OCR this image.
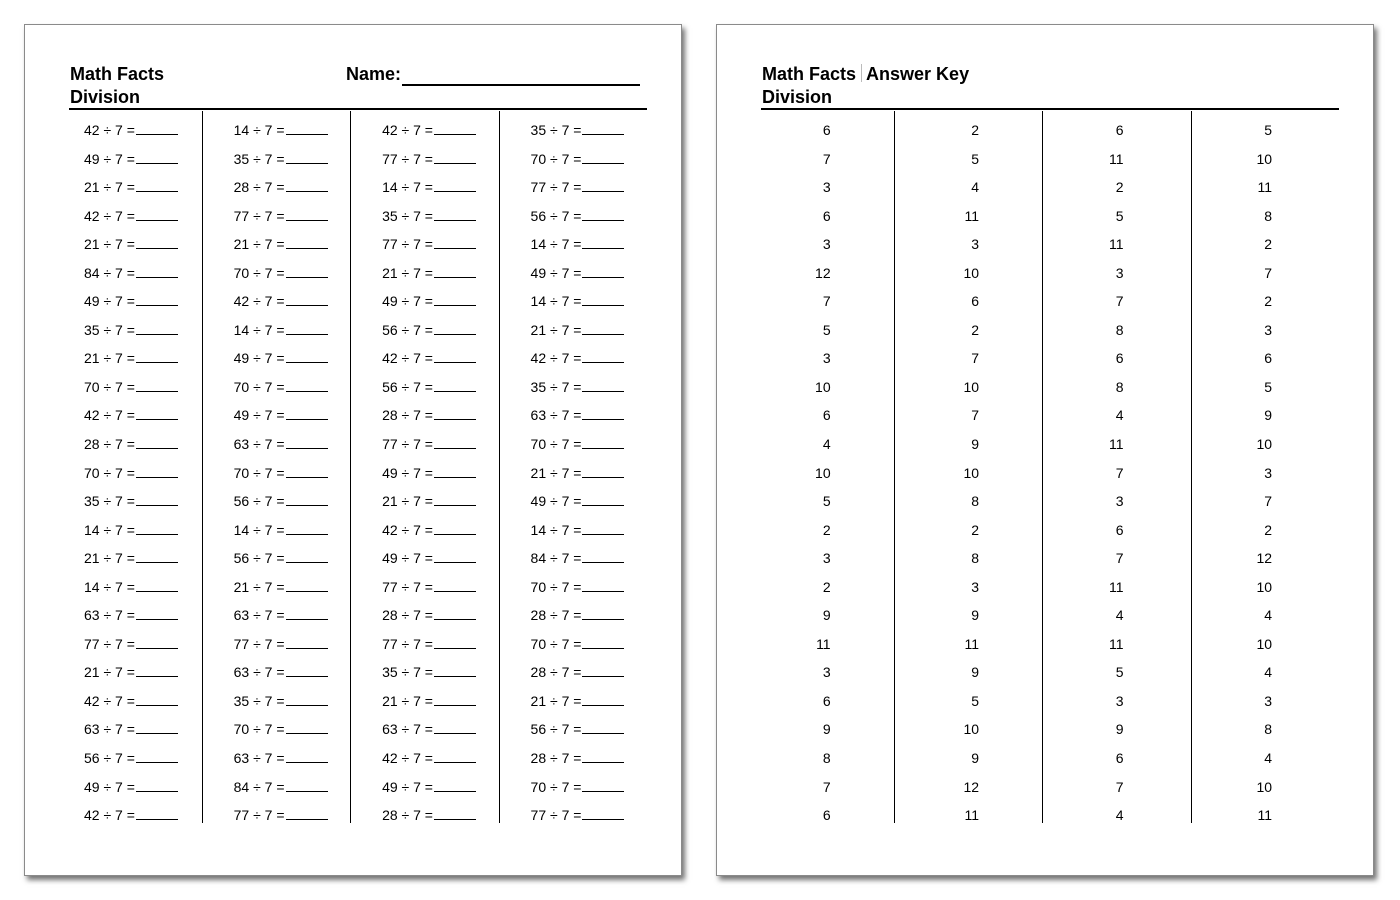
Math Facts
Division
Name:
42 ÷ 7 =
49 ÷ 7 =
21 ÷ 7 =
42 ÷ 7 =
21 ÷ 7 =
84 ÷ 7 =
49 ÷ 7 =
35 ÷ 7 =
21 ÷ 7 =
70 ÷ 7 =
42 ÷ 7 =
28 ÷ 7 =
70 ÷ 7 =
35 ÷ 7 =
14 ÷ 7 =
21 ÷ 7 =
14 ÷ 7 =
63 ÷ 7 =
77 ÷ 7 =
21 ÷ 7 =
42 ÷ 7 =
63 ÷ 7 =
56 ÷ 7 =
49 ÷ 7 =
42 ÷ 7 =
14 ÷ 7 =
35 ÷ 7 =
28 ÷ 7 =
77 ÷ 7 =
21 ÷ 7 =
70 ÷ 7 =
42 ÷ 7 =
14 ÷ 7 =
49 ÷ 7 =
70 ÷ 7 =
49 ÷ 7 =
63 ÷ 7 =
70 ÷ 7 =
56 ÷ 7 =
14 ÷ 7 =
56 ÷ 7 =
21 ÷ 7 =
63 ÷ 7 =
77 ÷ 7 =
63 ÷ 7 =
35 ÷ 7 =
70 ÷ 7 =
63 ÷ 7 =
84 ÷ 7 =
77 ÷ 7 =
42 ÷ 7 =
77 ÷ 7 =
14 ÷ 7 =
35 ÷ 7 =
77 ÷ 7 =
21 ÷ 7 =
49 ÷ 7 =
56 ÷ 7 =
42 ÷ 7 =
56 ÷ 7 =
28 ÷ 7 =
77 ÷ 7 =
49 ÷ 7 =
21 ÷ 7 =
42 ÷ 7 =
49 ÷ 7 =
77 ÷ 7 =
28 ÷ 7 =
77 ÷ 7 =
35 ÷ 7 =
21 ÷ 7 =
63 ÷ 7 =
42 ÷ 7 =
49 ÷ 7 =
28 ÷ 7 =
35 ÷ 7 =
70 ÷ 7 =
77 ÷ 7 =
56 ÷ 7 =
14 ÷ 7 =
49 ÷ 7 =
14 ÷ 7 =
21 ÷ 7 =
42 ÷ 7 =
35 ÷ 7 =
63 ÷ 7 =
70 ÷ 7 =
21 ÷ 7 =
49 ÷ 7 =
14 ÷ 7 =
84 ÷ 7 =
70 ÷ 7 =
28 ÷ 7 =
70 ÷ 7 =
28 ÷ 7 =
21 ÷ 7 =
56 ÷ 7 =
28 ÷ 7 =
70 ÷ 7 =
77 ÷ 7 =
Math Facts Answer Key
Division
6
7
3
6
3
12
7
5
3
10
6
4
10
5
2
3
2
9
11
3
6
9
8
7
6
2
5
4
11
3
10
6
2
7
10
7
9
10
8
2
8
3
9
11
9
5
10
9
12
11
6
11
2
5
11
3
7
8
6
8
4
11
7
3
6
7
11
4
11
5
3
9
6
7
4
5
10
11
8
2
7
2
3
6
5
9
10
3
7
2
12
10
4
10
4
3
8
4
10
11
